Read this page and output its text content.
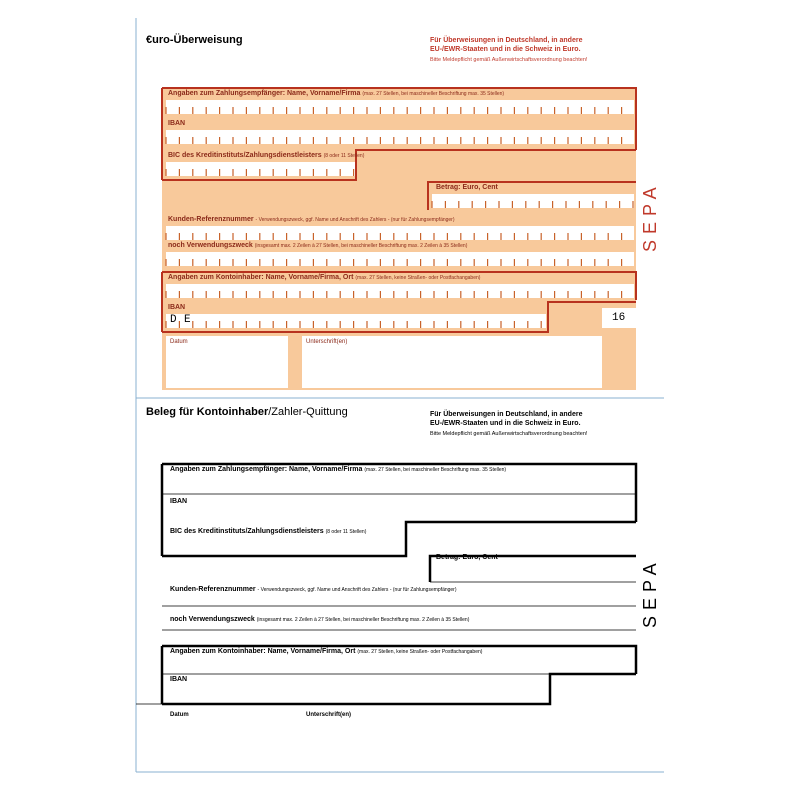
€uro-Überweisung	Für Überweisungen in Deutschland, in andere
EU-/EWR-Staaten und in die Schweiz in Euro.
Bitte Meldepflicht gemäß Außenwirtschaftsverordnung beachten!
Angaben zum Zahlungsempfänger: Name, Vorname/Firma (max. 27 Stellen, bei maschineller Beschriftung max. 35 Stellen)
IBAN
BIC des Kreditinstituts/Zahlungsdienstleisters (8 oder 11 Stellen)
Betrag: Euro, Cent
Kunden-Referenznummer - Verwendungszweck, ggf. Name und Anschrift des Zahlers - (nur für Zahlungsempfänger)
noch Verwendungszweck (insgesamt max. 2 Zeilen à 27 Stellen, bei maschineller Beschriftung max. 2 Zeilen à 35 Stellen)
Angaben zum Kontoinhaber: Name, Vorname/Firma, Ort (max. 27 Stellen, keine Straßen- oder Postfachangaben)
IBAN
D E	16
Datum	Unterschrift(en)
SEPA
Beleg für Kontoinhaber/Zahler-Quittung	Für Überweisungen in Deutschland, in andere
EU-/EWR-Staaten und in die Schweiz in Euro.
Bitte Meldepflicht gemäß Außenwirtschaftsverordnung beachten!
Angaben zum Zahlungsempfänger: Name, Vorname/Firma (max. 27 Stellen, bei maschineller Beschriftung max. 35 Stellen)
IBAN
BIC des Kreditinstituts/Zahlungsdienstleisters (8 oder 11 Stellen)
Betrag: Euro, Cent
Kunden-Referenznummer - Verwendungszweck, ggf. Name und Anschrift des Zahlers - (nur für Zahlungsempfänger)
noch Verwendungszweck (insgesamt max. 2 Zeilen à 27 Stellen, bei maschineller Beschriftung max. 2 Zeilen à 35 Stellen)
Angaben zum Kontoinhaber: Name, Vorname/Firma, Ort (max. 27 Stellen, keine Straßen- oder Postfachangaben)
IBAN
Datum	Unterschrift(en)
SEPA
